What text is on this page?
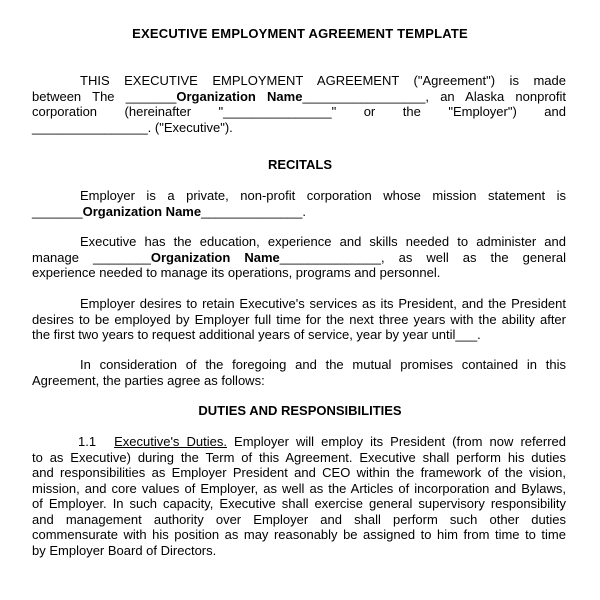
EXECUTIVE EMPLOYMENT AGREEMENT TEMPLATE
THIS EXECUTIVE EMPLOYMENT AGREEMENT ("Agreement") is made
between The _______Organization Name_________________, an Alaska nonprofit
corporation (hereinafter "_______________" or the "Employer") and
________________. ("Executive").
RECITALS
Employer is a private, non-profit corporation whose mission statement is
_______Organization Name______________.
Executive has the education, experience and skills needed to administer and
manage ________Organization Name______________, as well as the general
experience needed to manage its operations, programs and personnel.
Employer desires to retain Executive's services as its President, and the President
desires to be employed by Employer full time for the next three years with the ability after
the first two years to request additional years of service, year by year until___.
In consideration of the foregoing and the mutual promises contained in this
Agreement, the parties agree as follows:
DUTIES AND RESPONSIBILITIES
1.1 Executive's Duties. Employer will employ its President (from now referred
to as Executive) during the Term of this Agreement. Executive shall perform his duties
and responsibilities as Employer President and CEO within the framework of the vision,
mission, and core values of Employer, as well as the Articles of incorporation and Bylaws,
of Employer. In such capacity, Executive shall exercise general supervisory responsibility
and management authority over Employer and shall perform such other duties
commensurate with his position as may reasonably be assigned to him from time to time
by Employer Board of Directors.
